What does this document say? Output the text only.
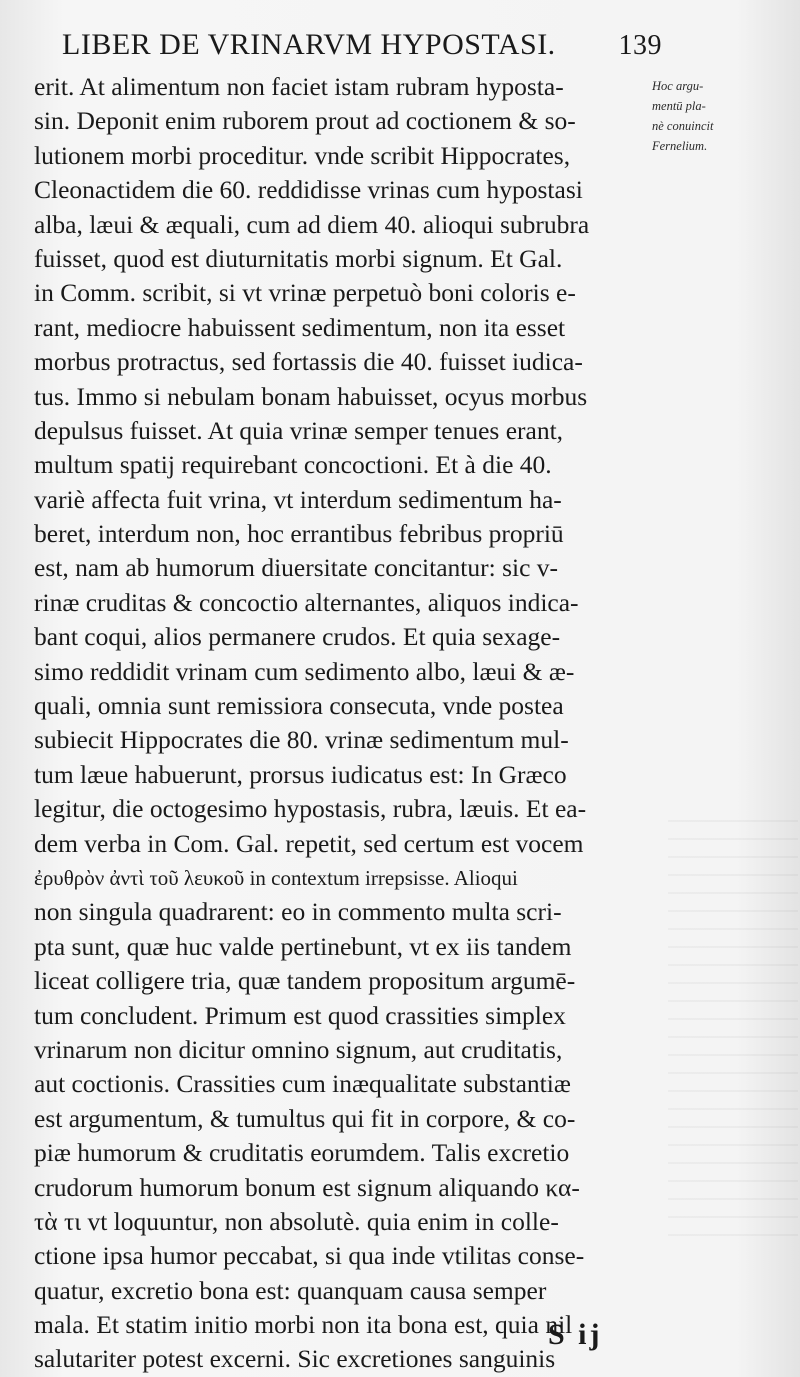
LIBER DE VRINARVM HYPOSTASI.	139
Hoc argu-
mentū pla-
nè conuincit
Fernelium.
erit. At alimentum non faciet istam rubram hyposta-
sin. Deponit enim ruborem prout ad coctionem & so-
lutionem morbi proceditur. vnde scribit Hippocrates,
Cleonactidem die 60. reddidisse vrinas cum hypostasi
alba, læui & æquali, cum ad diem 40. alioqui subrubra
fuisset, quod est diuturnitatis morbi signum. Et Gal.
in Comm. scribit, si vt vrinæ perpetuò boni coloris e-
rant, mediocre habuissent sedimentum, non ita esset
morbus protractus, sed fortassis die 40. fuisset iudica-
tus. Immo si nebulam bonam habuisset, ocyus morbus
depulsus fuisset. At quia vrinæ semper tenues erant,
multum spatij requirebant concoctioni. Et à die 40.
variè affecta fuit vrina, vt interdum sedimentum ha-
beret, interdum non, hoc errantibus febribus propriū
est, nam ab humorum diuersitate concitantur: sic v-
rinæ cruditas & concoctio alternantes, aliquos indica-
bant coqui, alios permanere crudos. Et quia sexage-
simo reddidit vrinam cum sedimento albo, læui & æ-
quali, omnia sunt remissiora consecuta, vnde postea
subiecit Hippocrates die 80. vrinæ sedimentum mul-
tum læue habuerunt, prorsus iudicatus est: In Græco
legitur, die octogesimo hypostasis, rubra, læuis. Et ea-
dem verba in Com. Gal. repetit, sed certum est vocem
ἐρυθρὸν ἀντὶ τοῦ λευκοῦ in contextum irrepsisse. Alioqui
non singula quadrarent: eo in commento multa scri-
pta sunt, quæ huc valde pertinebunt, vt ex iis tandem
liceat colligere tria, quæ tandem propositum argumē-
tum concludent. Primum est quod crassities simplex
vrinarum non dicitur omnino signum, aut cruditatis,
aut coctionis. Crassities cum inæqualitate substantiæ
est argumentum, & tumultus qui fit in corpore, & co-
piæ humorum & cruditatis eorumdem. Talis excretio
crudorum humorum bonum est signum aliquando κα-
τὰ τι vt loquuntur, non absolutè. quia enim in colle-
ctione ipsa humor peccabat, si qua inde vtilitas conse-
quatur, excretio bona est: quanquam causa semper
mala. Et statim initio morbi non ita bona est, quia nil
salutariter potest excerni. Sic excretiones sanguinis
S ij
